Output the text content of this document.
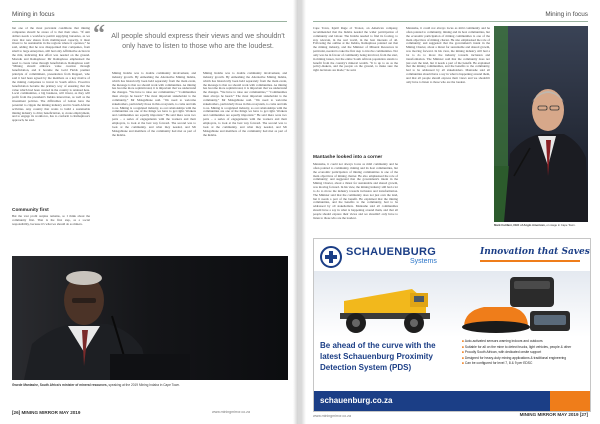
Mining in focus

but one of the most prevalent conditions that mining companies should be aware of is that their sizes. “If unit dollars needs a workforce permit supplying bursaries, as we view that new shares from multilayered capacity, it must invest to be sustainable in the regions where it operates,” he said, adding that he was disappointed that companies, from small to large enterprises, still had only Affirmative Action in the mix, indicating that effort was needed on the ground. Morudu and Ramaphosa: Mr Ramaphosa emphasised the need to create value through beneficiation. Ramaphosa said: “Mining should embrace value creation through beneficiation, and it became the Gold Fields premier principle of commitment, presentation from Ruppert, who said it had been agreed by the members as a key motive of the mining companies to invest in South Africa. Proactive beneficiation became the primary way of ensuring that the value which had been created in the country is retained here. Local communities, a big business, will invest, as they will profit from the president's Indaba interaction, as well as the investment policies. The difficulties of Gabon have the potential to cripple the mining industry and its South African activities. Any country that wants to build a sustainable mining industry to drive beneficiation, to create employment, and to engage its workforce, has to conform to Ramaphosa's approach, he said.

Community first

But the vast profit surplus remains, so I think about the community first. That is the first step, as a social responsibility, because it's what we should do as miners.

“ All people should express their views and we shouldn't only have to listen to those who are the loudest.

Mining Indaba was to double community involvement, and industry growth. By enmeshing the Alternative Mining Indaba, which has historically been held separately from the main event, the message is that we should work with communities. As mining has become more sophisticated, it is important that we understand the changes. “We have to raise our communities,” “Communities must always be heard.” The most important stakeholder is the community,” Mr Mokgahlane said. “We need to welcome stakeholders, particularly those in this ecosystem, to come and talk to us. Mining is a regulated industry, so our relationships with the communities are one of the things we have to get right. Workers and communities are equally important.” He said there were two parts – a series of engagements with the workers and their employers, to look at the best way forward. The second was to look at the community, and what they needed, and Mr Mokgahlane and members of the community had met as part of the Indaba.

Mining Indaba was to double community involvement, and industry growth. By enmeshing the Alternative Mining Indaba, which has historically been held separately from the main event, the message is that we should work with communities. As mining has become more sophisticated, it is important that we understand the changes. “We have to raise our communities,” “Communities must always be heard.” The most important stakeholder is the community,” Mr Mokgahlane said. “We need to welcome stakeholders, particularly those in this ecosystem, to come and talk to us. Mining is a regulated industry, so our relationships with the communities are one of the things we have to get right. Workers and communities are equally important.” He said there were two parts – a series of engagements with the workers and their employers, to look at the best way forward. The second was to look at the community, and what they needed, and Mr Mokgahlane and members of the community had met as part of the Indaba.

Gwede Mantashe, South Africa's minister of mineral resources, speaking at the 2019 Mining Indaba in Cape Town.
[26] MINING MIRROR MAY 2019	www.miningmirror.co.za
Mining in focus

Cape Town, Kjetil Ruge of Tronox, an American company, recommended that the Indaba needed the wider participation of community and labour. The Indaba needed to find its footing, to stay relevant, in the real world, in the best interests of all. Following the outline at the Indaba, Ramaphosa pointed out that the mining industry, and the Minister of Mineral Resources in particular, needed to take the first step to involve communities. Not only was he in favour of community being involved, from the start, in mining issues, but the entire South African population stands to benefit from the country's mineral wealth. “It is up to us as the policy-makers, and the people on the ground, to make sure the right decisions are made,” he said.

Mantashe looked into a corner

Mantashe, it could not always focus as mild community and he often pointed to community, mining and its host communities, but the economic participation of mining communities is one of the main objectives of mining charter. He also emphasised the role of community; and suggested that the government's intent in the Mining Charter, about a thrust for sustainable and shared growth, was moving forward. In his view, the mining industry still had a lot to do to move the industry towards inclusion and transformation. The Minister said that the community does not just own the land, but it needs a part of the benefit. He explained that the mining communities, and the benefits to the community, had to be addressed by all stakeholders. Mantashe said all communities should have a say in what is happening around them, and that all people should express their views and we shouldn't only have to listen to those who are the loudest.

Mantashe, it could not always focus as mild community and he often pointed to community, mining and its host communities, but the economic participation of mining communities is one of the main objectives of mining charter. He also emphasised the role of community; and suggested that the government's intent in the Mining Charter, about a thrust for sustainable and shared growth, was moving forward. In his view, the mining industry still had a lot to do to move the industry towards inclusion and transformation. The Minister said that the community does not just own the land, but it needs a part of the benefit. He explained that the mining communities, and the benefits to the community, had to be addressed by all stakeholders. Mantashe said all communities should have a say in what is happening around them, and that all people should express their views and we shouldn't only have to listen to those who are the loudest.

Mark Cutifani, CEO of Anglo American, on stage in Cape Town.
SCHAUENBURG
Systems
Innovation that Saves
Be ahead of the curve with the
latest Schauenburg Proximity
Detection System (PDS)
■ Auto-activated sensors warning indoors and outdoors
■ Suitable for all on the mine to detect trucks, light vehicles, people & other
■ Proudly South African, with dedicated onsite support
■ Designed for heavy-duty mining applications & traditional engineering
■ Can be configured for level 7, 8 & 9 per EDSC
schauenburg.co.za
www.miningmirror.co.za	MINING MIRROR MAY 2019 [27]
